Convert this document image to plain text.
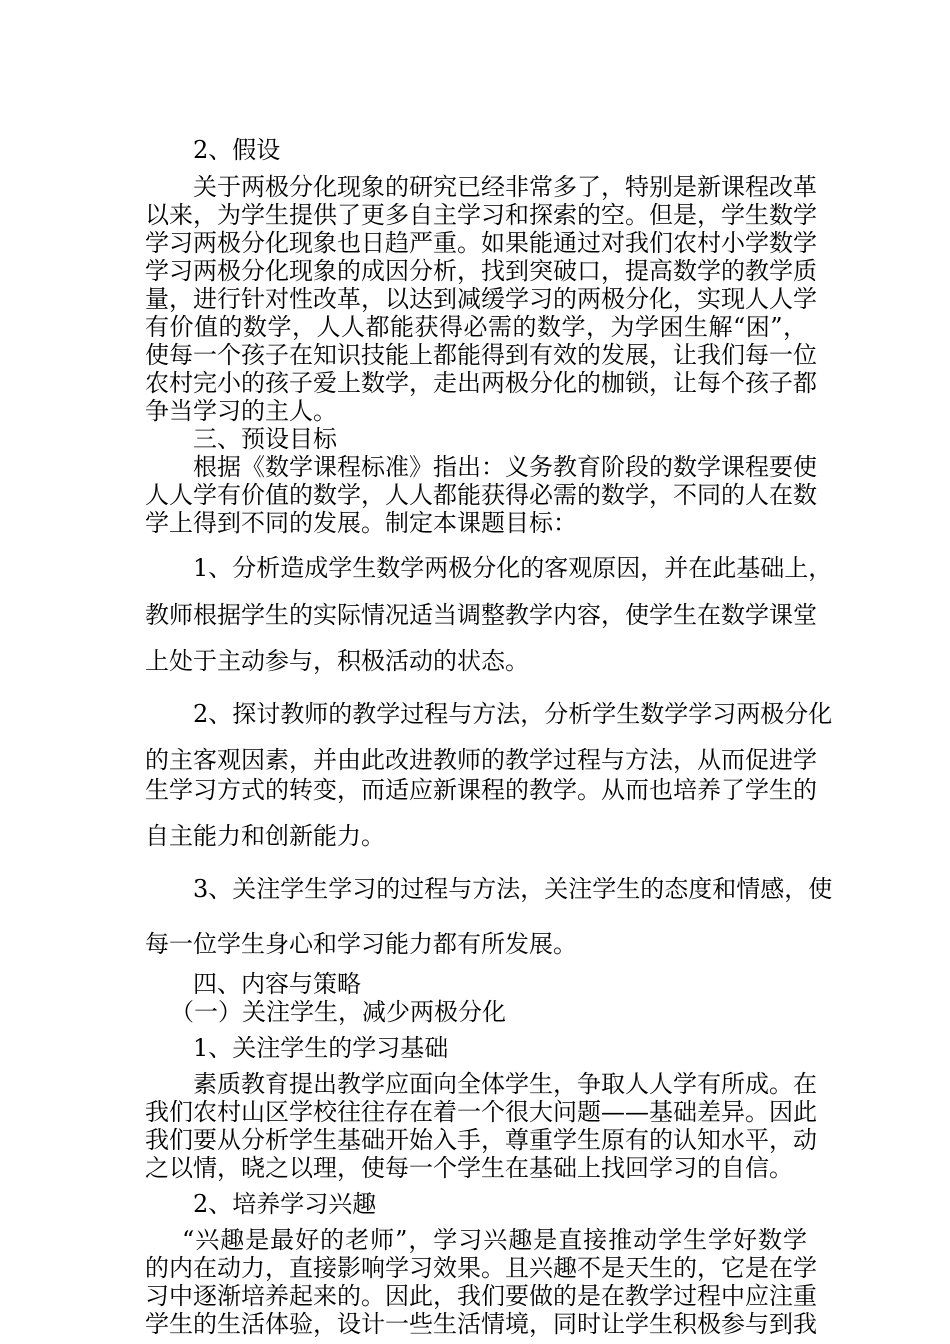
2、假设

关于两极分化现象的研究已经非常多了，特别是新课程改革

以来，为学生提供了更多自主学习和探索的空。但是，学生数学

学习两极分化现象也日趋严重。如果能通过对我们农村小学数学

学习两极分化现象的成因分析，找到突破口，提高数学的教学质

量，进行针对性改革，以达到减缓学习的两极分化，实现人人学

有价值的数学，人人都能获得必需的数学，为学困生解“困”，

使每一个孩子在知识技能上都能得到有效的发展，让我们每一位

农村完小的孩子爱上数学，走出两极分化的枷锁，让每个孩子都

争当学习的主人。

三、预设目标

根据《数学课程标准》指出：义务教育阶段的数学课程要使

人人学有价值的数学，人人都能获得必需的数学，不同的人在数

学上得到不同的发展。制定本课题目标：

1、分析造成学生数学两极分化的客观原因，并在此基础上，

教师根据学生的实际情况适当调整教学内容，使学生在数学课堂

上处于主动参与，积极活动的状态。

2、探讨教师的教学过程与方法，分析学生数学学习两极分化

的主客观因素，并由此改进教师的教学过程与方法，从而促进学

生学习方式的转变，而适应新课程的教学。从而也培养了学生的

自主能力和创新能力。

3、关注学生学习的过程与方法，关注学生的态度和情感，使

每一位学生身心和学习能力都有所发展。

四、内容与策略

（一）关注学生，减少两极分化

1、关注学生的学习基础

素质教育提出教学应面向全体学生，争取人人学有所成。在

我们农村山区学校往往存在着一个很大问题——基础差异。因此

我们要从分析学生基础开始入手，尊重学生原有的认知水平，动

之以情，晓之以理，使每一个学生在基础上找回学习的自信。

2、培养学习兴趣

“兴趣是最好的老师”，学习兴趣是直接推动学生学好数学

的内在动力，直接影响学习效果。且兴趣不是天生的，它是在学

习中逐渐培养起来的。因此，我们要做的是在教学过程中应注重

学生的生活体验，设计一些生活情境，同时让学生积极参与到我
